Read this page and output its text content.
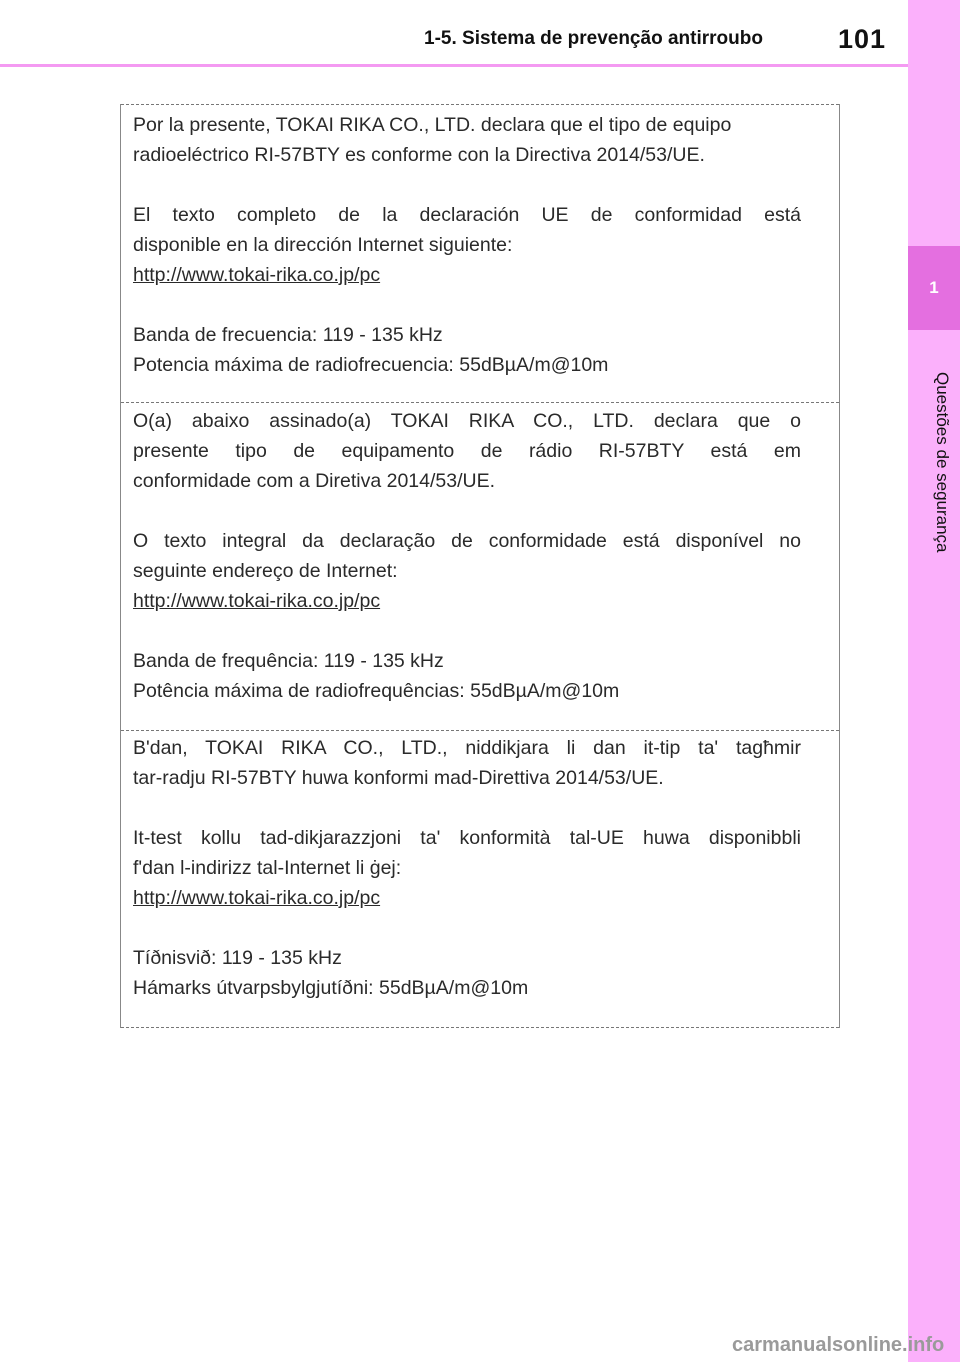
1-5. Sistema de prevenção antirroubo	101
1
Questões de segurança

Por la presente, TOKAI RIKA CO., LTD. declara que el tipo de equipo

radioeléctrico RI-57BTY es conforme con la Directiva 2014/53/UE.

El texto completo de la declaración UE de conformidad está

disponible en la dirección Internet siguiente:

http://www.tokai-rika.co.jp/pc

Banda de frecuencia: 119 - 135 kHz

Potencia máxima de radiofrecuencia: 55dBµA/m@10m

O(a) abaixo assinado(a) TOKAI RIKA CO., LTD. declara que o

presente tipo de equipamento de rádio RI-57BTY está em

conformidade com a Diretiva 2014/53/UE.

O texto integral da declaração de conformidade está disponível no

seguinte endereço de Internet:

http://www.tokai-rika.co.jp/pc

Banda de frequência: 119 - 135 kHz

Potência máxima de radiofrequências: 55dBµA/m@10m

B'dan, TOKAI RIKA CO., LTD., niddikjara li dan it-tip ta' tagħmir

tar-radju RI-57BTY huwa konformi mad-Direttiva 2014/53/UE.

It-test kollu tad-dikjarazzjoni ta' konformità tal-UE huwa disponibbli

f'dan l-indirizz tal-Internet li ġej:

http://www.tokai-rika.co.jp/pc

Tíðnisvið: 119 - 135 kHz

Hámarks útvarpsbylgjutíðni: 55dBµA/m@10m

carmanualsonline.info
